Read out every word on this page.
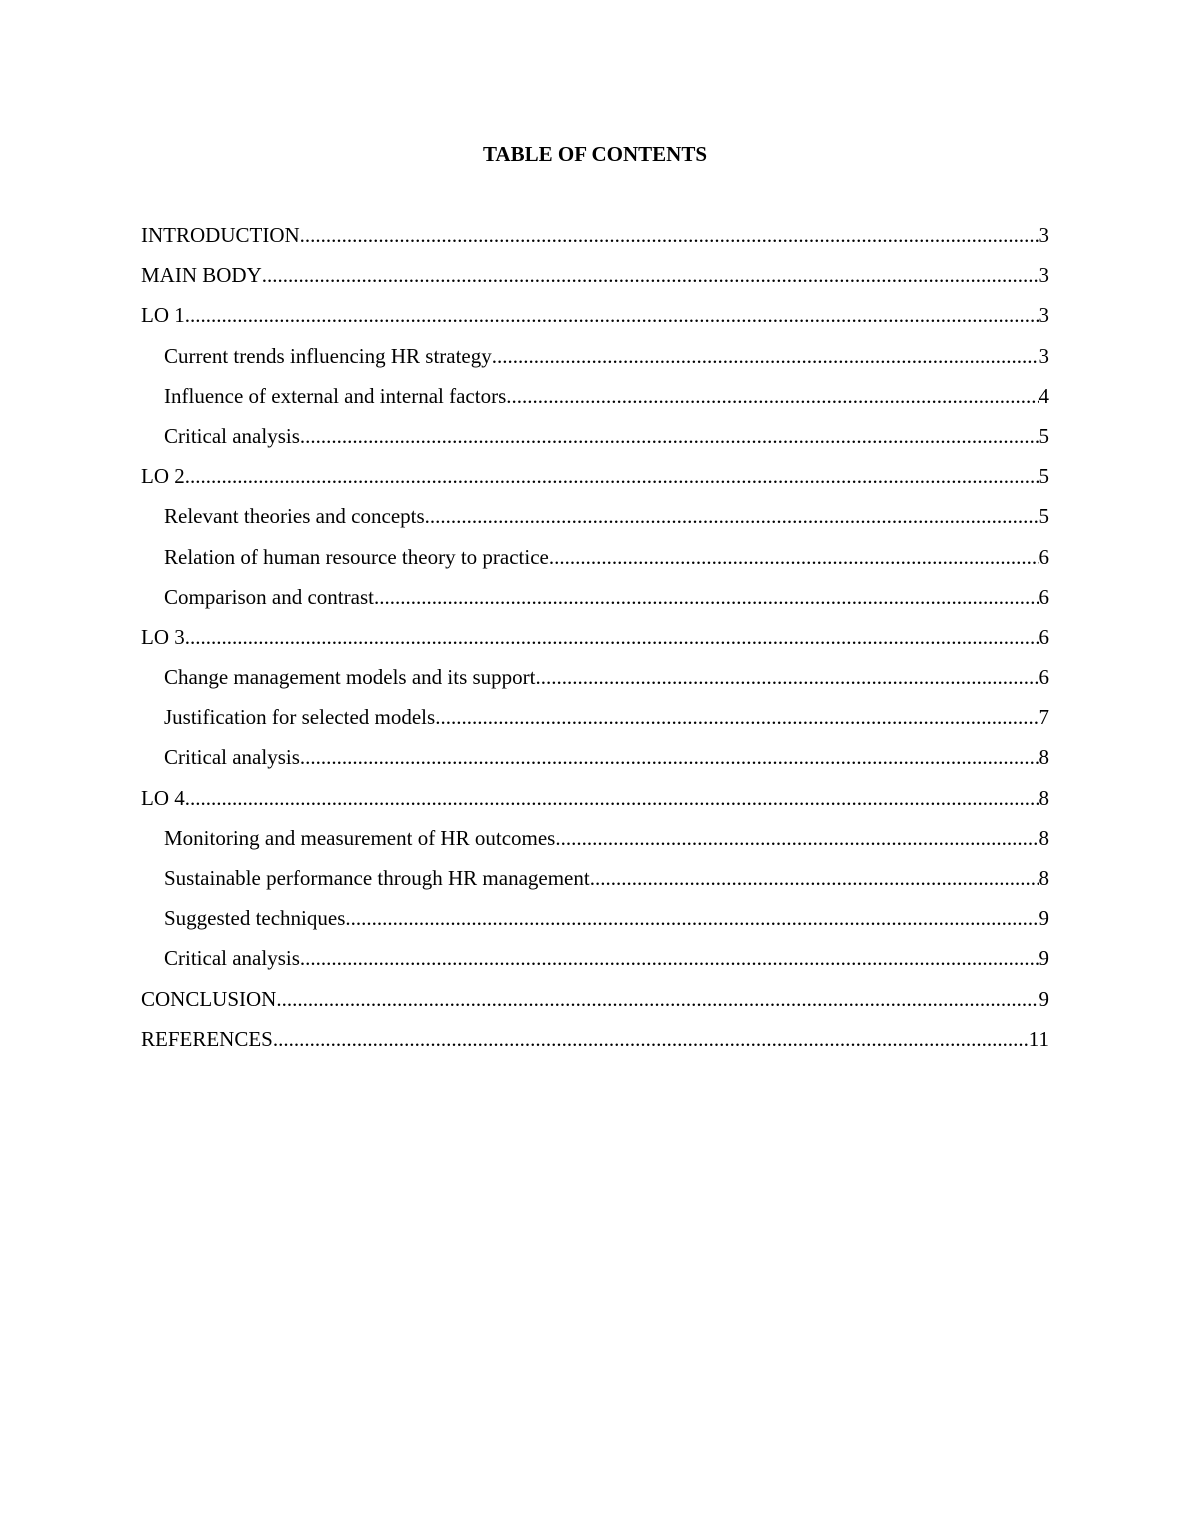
TABLE OF CONTENTS
INTRODUCTION .....	3
MAIN BODY .....	3
LO 1 .....	3
Current trends influencing HR strategy .....	3
Influence of external and internal factors .....	4
Critical analysis .....	5
LO 2 .....	5
Relevant theories and concepts .....	5
Relation of human resource theory to practice .....	6
Comparison and contrast .....	6
LO 3 .....	6
Change management models and its support .....	6
Justification for selected models .....	7
Critical analysis .....	8
LO 4 .....	8
Monitoring and measurement of HR outcomes .....	8
Sustainable performance through HR management .....	8
Suggested techniques .....	9
Critical analysis .....	9
CONCLUSION .....	9
REFERENCES .....	11
